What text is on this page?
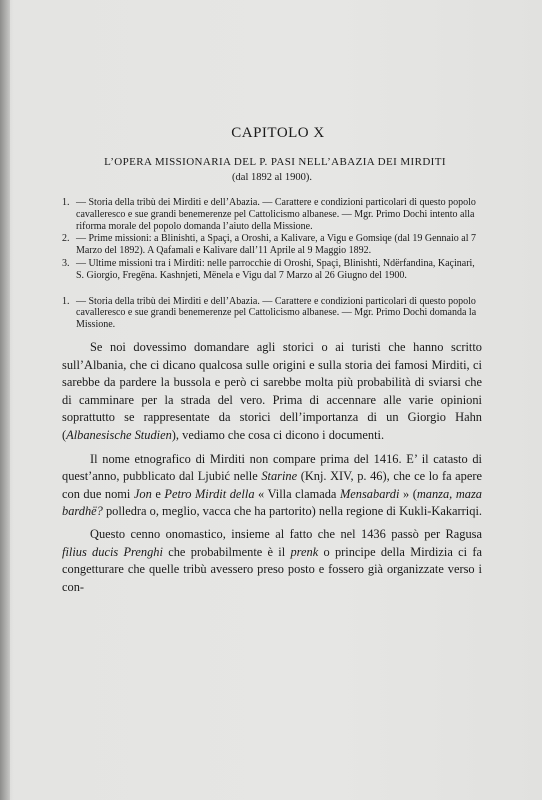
CAPITOLO X
L’OPERA MISSIONARIA DEL P. PASI NELL’ABAZIA DEI MIRDITI
(dal 1892 al 1900).
1. — Storia della tribù dei Mirditi e dell’Abazia. — Carattere e condizioni particolari di questo popolo cavalleresco e sue grandi benemerenze pel Cattolicismo albanese. — Mgr. Primo Dochi intento alla riforma morale del popolo domanda l’aiuto della Missione.
2. — Prime missioni: a Blinishti, a Spaçi, a Oroshi, a Kalivare, a Vigu e Gomsiqe (dal 19 Gennaio al 7 Marzo del 1892). A Qafamali e Kalivare dall’11 Aprile al 9 Maggio 1892.
3. — Ultime missioni tra i Mirditi: nelle parrocchie di Oroshi, Spaçi, Blinishti, Ndërfandina, Kaçinari, S. Giorgio, Fregëna. Kashnjeti, Mënela e Vigu dal 7 Marzo al 26 Giugno del 1900.
1. — Storia della tribù dei Mirditi e dell’Abazia. — Carattere e condizioni particolari di questo popolo cavalleresco e sue grandi benemerenze pel Cattolicismo albanese. — Mgr. Primo Dochi domanda la Missione.

Se noi dovessimo domandare agli storici o ai turisti che hanno scritto sull’Albania, che ci dicano qualcosa sulle origini e sulla storia dei famosi Mirditi, ci sarebbe da pardere la bussola e però ci sarebbe molta più probabilità di sviarsi che di camminare per la strada del vero. Prima di accennare alle varie opinioni soprattutto se rappresentate da storici dell’importanza di un Giorgio Hahn (Albanesische Studien), vediamo che cosa ci dicono i documenti.

Il nome etnografico di Mirditi non compare prima del 1416. E’ il catasto di quest’anno, pubblicato dal Ljubić nelle Starine (Knj. XIV, p. 46), che ce lo fa apere con due nomi Jon e Petro Mirdit della « Villa clamada Mensabardi » (manza, maza bardhë? polledra o, meglio, vacca che ha partorito) nella regione di Kukli-Kakarriqi.

Questo cenno onomastico, insieme al fatto che nel 1436 passò per Ragusa filius ducis Prenghi che probabilmente è il prenk o principe della Mirdizia ci fa congetturare che quelle tribù avessero preso posto e fossero già organizzate verso i con-
